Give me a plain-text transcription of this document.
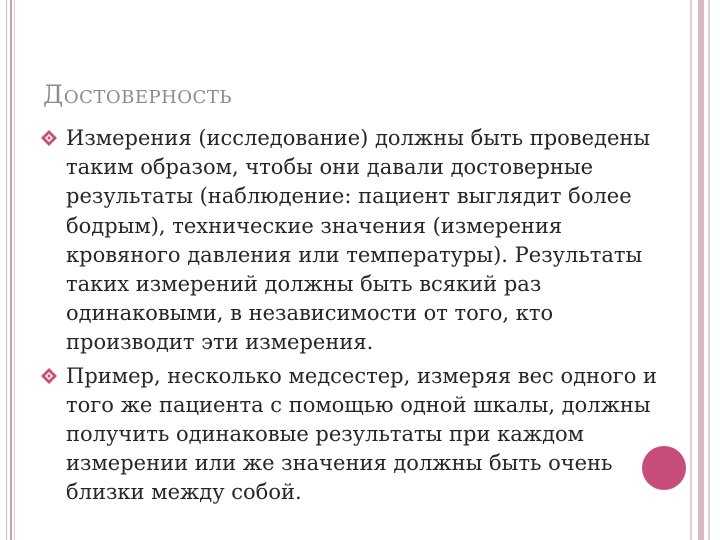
Достоверность
Измерения (исследование) должны быть проведены
таким образом, чтобы они давали достоверные
результаты (наблюдение: пациент выглядит более
бодрым), технические значения (измерения
кровяного давления или температуры). Результаты
таких измерений должны быть всякий раз
одинаковыми, в независимости от того, кто
производит эти измерения.
Пример, несколько медсестер, измеряя вес одного и
того же пациента с помощью одной шкалы, должны
получить одинаковые результаты при каждом
измерении или же значения должны быть очень
близки между собой.
